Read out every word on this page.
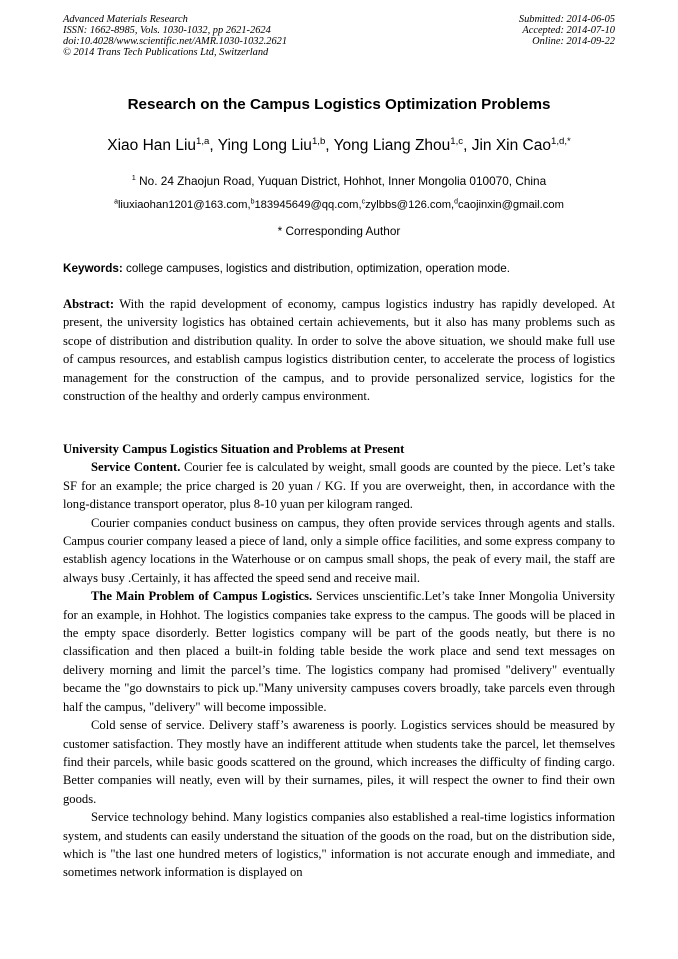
Advanced Materials Research
ISSN: 1662-8985, Vols. 1030-1032, pp 2621-2624
doi:10.4028/www.scientific.net/AMR.1030-1032.2621
© 2014 Trans Tech Publications Ltd, Switzerland
Submitted: 2014-06-05
Accepted: 2014-07-10
Online: 2014-09-22
Research on the Campus Logistics Optimization Problems
Xiao Han Liu$^{1,a}$, Ying Long Liu$^{1,b}$, Yong Liang Zhou$^{1,c}$, Jin Xin Cao$^{1,d,*}$
$^1$ No. 24 Zhaojun Road, Yuquan District, Hohhot, Inner Mongolia 010070, China
$^a$liuxiaohan1201@163.com,$^b$183945649@qq.com,$^c$zylbbs@126.com,$^d$caojinxin@gmail.com
* Corresponding Author
Keywords: college campuses, logistics and distribution, optimization, operation mode.

Abstract: With the rapid development of economy, campus logistics industry has rapidly developed. At present, the university logistics has obtained certain achievements, but it also has many problems such as scope of distribution and distribution quality. In order to solve the above situation, we should make full use of campus resources, and establish campus logistics distribution center, to accelerate the process of logistics management for the construction of the campus, and to provide personalized service, logistics for the construction of the healthy and orderly campus environment.

University Campus Logistics Situation and Problems at Present

Service Content. Courier fee is calculated by weight, small goods are counted by the piece. Let’s take SF for an example; the price charged is 20 yuan / KG. If you are overweight, then, in accordance with the long-distance transport operator, plus 8-10 yuan per kilogram ranged.

Courier companies conduct business on campus, they often provide services through agents and stalls. Campus courier company leased a piece of land, only a simple office facilities, and some express company to establish agency locations in the Waterhouse or on campus small shops, the peak of every mail, the staff are always busy .Certainly, it has affected the speed send and receive mail.

The Main Problem of Campus Logistics. Services unscientific.Let’s take Inner Mongolia University for an example, in Hohhot. The logistics companies take express to the campus. The goods will be placed in the empty space disorderly. Better logistics company will be part of the goods neatly, but there is no classification and then placed a built-in folding table beside the work place and send text messages on delivery morning and limit the parcel’s time. The logistics company had promised "delivery" eventually became the "go downstairs to pick up."Many university campuses covers broadly, take parcels even through half the campus, "delivery" will become impossible.

Cold sense of service. Delivery staff’s awareness is poorly. Logistics services should be measured by customer satisfaction. They mostly have an indifferent attitude when students take the parcel, let themselves find their parcels, while basic goods scattered on the ground, which increases the difficulty of finding cargo. Better companies will neatly, even will by their surnames, piles, it will respect the owner to find their own goods.

Service technology behind. Many logistics companies also established a real-time logistics information system, and students can easily understand the situation of the goods on the road, but on the distribution side, which is "the last one hundred meters of logistics," information is not accurate enough and immediate, and sometimes network information is displayed on
